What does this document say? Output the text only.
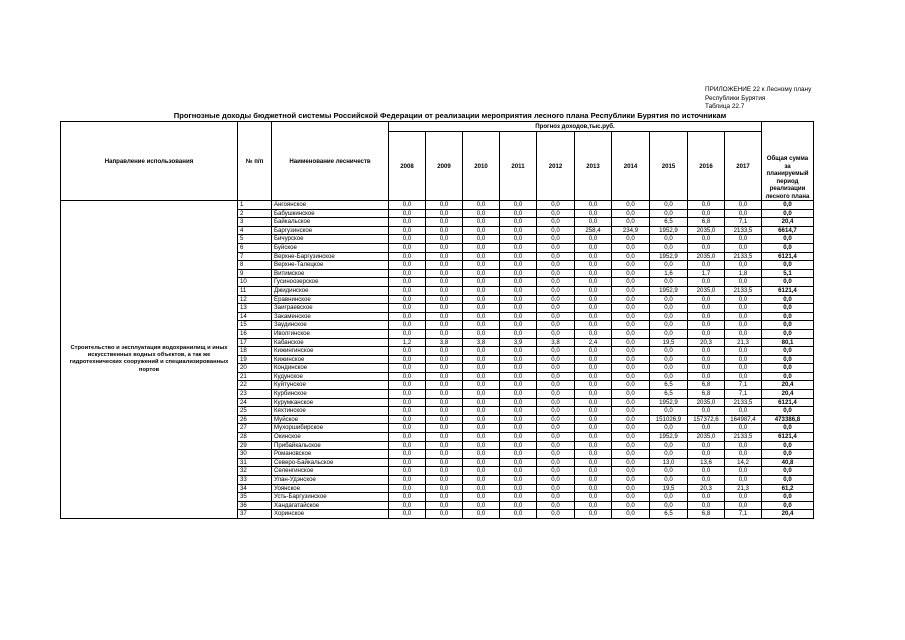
ПРИЛОЖЕНИЕ 22 к Лесному плану Республики Бурятия
Таблица 22.7
Прогнозные доходы бюджетной системы Российской Федерации от реализации мероприятия лесного плана Республики Бурятия по источникам
Направление использования	№ п/п	Наименование лесничеств	Прогноз доходов,тыс.руб.										Общая сумма за планируемый период реализации лесного плана
			2008	2009	2010	2011	2012	2013	2014	2015	2016	2017	
Строительство и эксплуатация водохранилищ и иных искусственных водных объектов, а так же гидротехнических сооружений и специализированных портов	1	Ангоянское	0,0	0,0	0,0	0,0	0,0	0,0	0,0	0,0	0,0	0,0	0,0
	2	Бабушкинское	0,0	0,0	0,0	0,0	0,0	0,0	0,0	0,0	0,0	0,0	0,0
	3	Байкальское	0,0	0,0	0,0	0,0	0,0	0,0	0,0	6,5	6,8	7,1	20,4
	4	Баргузинское	0,0	0,0	0,0	0,0	0,0	258,4	234,9	1952,9	2035,0	2133,5	6614,7
	5	Бичурское	0,0	0,0	0,0	0,0	0,0	0,0	0,0	0,0	0,0	0,0	0,0
	6	Буйское	0,0	0,0	0,0	0,0	0,0	0,0	0,0	0,0	0,0	0,0	0,0
	7	Верхне-Баргузинское	0,0	0,0	0,0	0,0	0,0	0,0	0,0	1952,9	2035,0	2133,5	6121,4
	8	Верхне-Талецкое	0,0	0,0	0,0	0,0	0,0	0,0	0,0	0,0	0,0	0,0	0,0
	9	Витимское	0,0	0,0	0,0	0,0	0,0	0,0	0,0	1,6	1,7	1,8	5,1
	10	Гусиноозерское	0,0	0,0	0,0	0,0	0,0	0,0	0,0	0,0	0,0	0,0	0,0
	11	Джидинское	0,0	0,0	0,0	0,0	0,0	0,0	0,0	1952,9	2035,0	2133,5	6121,4
	12	Еравнинское	0,0	0,0	0,0	0,0	0,0	0,0	0,0	0,0	0,0	0,0	0,0
	13	Заиграевское	0,0	0,0	0,0	0,0	0,0	0,0	0,0	0,0	0,0	0,0	0,0
	14	Закаменское	0,0	0,0	0,0	0,0	0,0	0,0	0,0	0,0	0,0	0,0	0,0
	15	Заудинское	0,0	0,0	0,0	0,0	0,0	0,0	0,0	0,0	0,0	0,0	0,0
	16	Иволгинское	0,0	0,0	0,0	0,0	0,0	0,0	0,0	0,0	0,0	0,0	0,0
	17	Кабанское	1,2	3,8	3,8	3,9	3,8	2,4	0,0	19,5	20,3	21,3	80,1
	18	Кижингинское	0,0	0,0	0,0	0,0	0,0	0,0	0,0	0,0	0,0	0,0	0,0
	19	Кижинское	0,0	0,0	0,0	0,0	0,0	0,0	0,0	0,0	0,0	0,0	0,0
	20	Кондинское	0,0	0,0	0,0	0,0	0,0	0,0	0,0	0,0	0,0	0,0	0,0
	21	Кудунское	0,0	0,0	0,0	0,0	0,0	0,0	0,0	0,0	0,0	0,0	0,0
	22	Куйтунское	0,0	0,0	0,0	0,0	0,0	0,0	0,0	6,5	6,8	7,1	20,4
	23	Курбинское	0,0	0,0	0,0	0,0	0,0	0,0	0,0	6,5	6,8	7,1	20,4
	24	Курумканское	0,0	0,0	0,0	0,0	0,0	0,0	0,0	1952,9	2035,0	2133,5	6121,4
	25	Кяхтинское	0,0	0,0	0,0	0,0	0,0	0,0	0,0	0,0	0,0	0,0	0,0
	26	Муйское	0,0	0,0	0,0	0,0	0,0	0,0	0,0	151026,9	157372,6	164987,4	473386,8
	27	Мухоршибирское	0,0	0,0	0,0	0,0	0,0	0,0	0,0	0,0	0,0	0,0	0,0
	28	Окинское	0,0	0,0	0,0	0,0	0,0	0,0	0,0	1952,9	2035,0	2133,5	6121,4
	29	Прибайкальское	0,0	0,0	0,0	0,0	0,0	0,0	0,0	0,0	0,0	0,0	0,0
	30	Романовское	0,0	0,0	0,0	0,0	0,0	0,0	0,0	0,0	0,0	0,0	0,0
	31	Северо-Байкальское	0,0	0,0	0,0	0,0	0,0	0,0	0,0	13,0	13,6	14,2	40,8
	32	Селенгинское	0,0	0,0	0,0	0,0	0,0	0,0	0,0	0,0	0,0	0,0	0,0
	33	Улан-Удэнское	0,0	0,0	0,0	0,0	0,0	0,0	0,0	0,0	0,0	0,0	0,0
	34	Уоянское	0,0	0,0	0,0	0,0	0,0	0,0	0,0	19,5	20,3	21,3	61,2
	35	Усть-Баргузинское	0,0	0,0	0,0	0,0	0,0	0,0	0,0	0,0	0,0	0,0	0,0
	36	Хандагатайское	0,0	0,0	0,0	0,0	0,0	0,0	0,0	0,0	0,0	0,0	0,0
	37	Хоринское	0,0	0,0	0,0	0,0	0,0	0,0	0,0	6,5	6,8	7,1	20,4
